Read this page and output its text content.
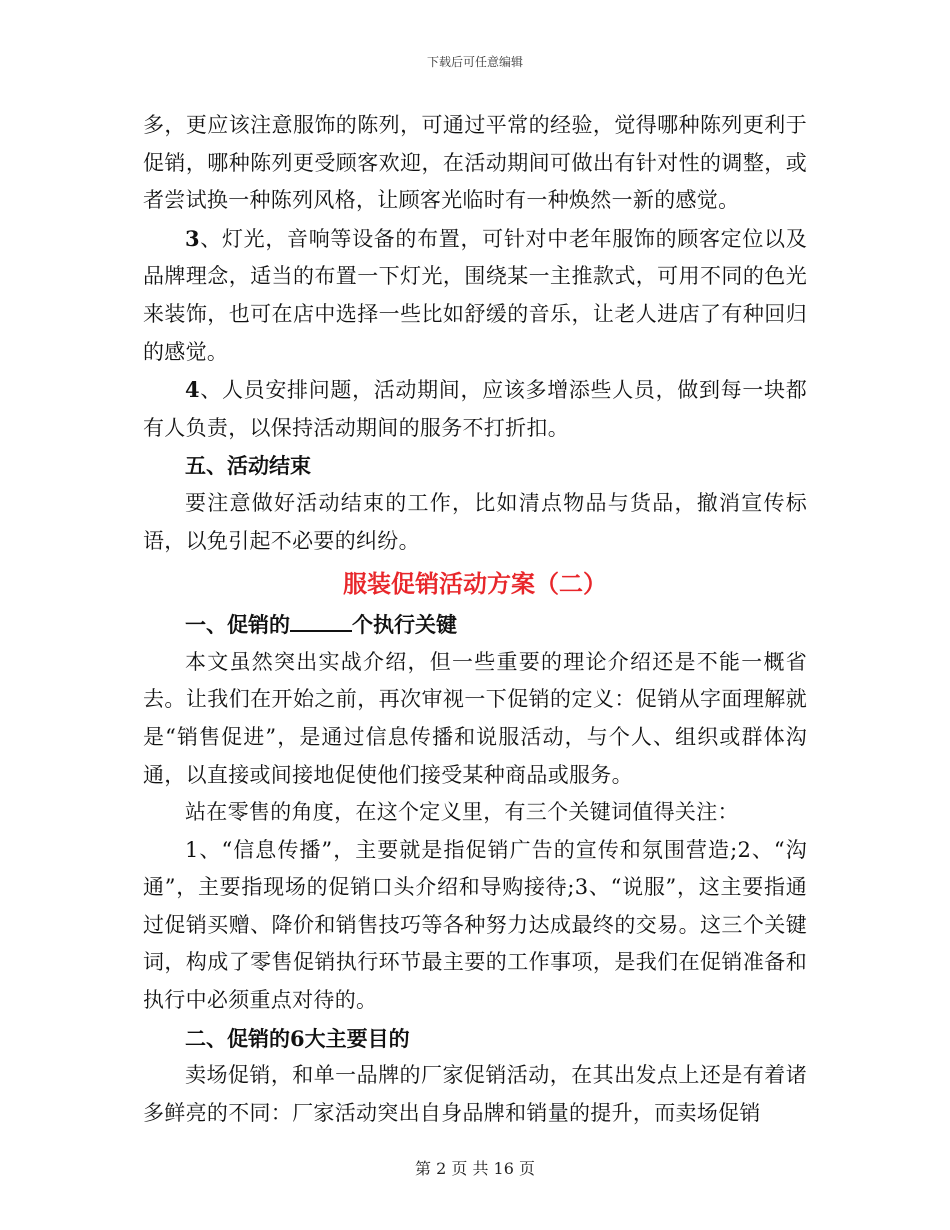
下载后可任意编辑

多，更应该注意服饰的陈列，可通过平常的经验，觉得哪种陈列更利于促销，哪种陈列更受顾客欢迎，在活动期间可做出有针对性的调整，或者尝试换一种陈列风格，让顾客光临时有一种焕然一新的感觉。

3、灯光，音响等设备的布置，可针对中老年服饰的顾客定位以及品牌理念，适当的布置一下灯光，围绕某一主推款式，可用不同的色光来装饰，也可在店中选择一些比如舒缓的音乐，让老人进店了有种回归的感觉。

4、人员安排问题，活动期间，应该多增添些人员，做到每一块都有人负责，以保持活动期间的服务不打折扣。

五、活动结束

要注意做好活动结束的工作，比如清点物品与货品，撤消宣传标语，以免引起不必要的纠纷。

服装促销活动方案（二）

一、促销的	个执行关键

本文虽然突出实战介绍，但一些重要的理论介绍还是不能一概省去。让我们在开始之前，再次审视一下促销的定义：促销从字面理解就是“销售促进”，是通过信息传播和说服活动，与个人、组织或群体沟通，以直接或间接地促使他们接受某种商品或服务。

站在零售的角度，在这个定义里，有三个关键词值得关注：

1、“信息传播”，主要就是指促销广告的宣传和氛围营造;2、“沟通”，主要指现场的促销口头介绍和导购接待;3、“说服”，这主要指通过促销买赠、降价和销售技巧等各种努力达成最终的交易。这三个关键词，构成了零售促销执行环节最主要的工作事项，是我们在促销准备和执行中必须重点对待的。

二、促销的6大主要目的

卖场促销，和单一品牌的厂家促销活动，在其出发点上还是有着诸多鲜亮的不同：厂家活动突出自身品牌和销量的提升，而卖场促销

第 2 页 共 16 页
